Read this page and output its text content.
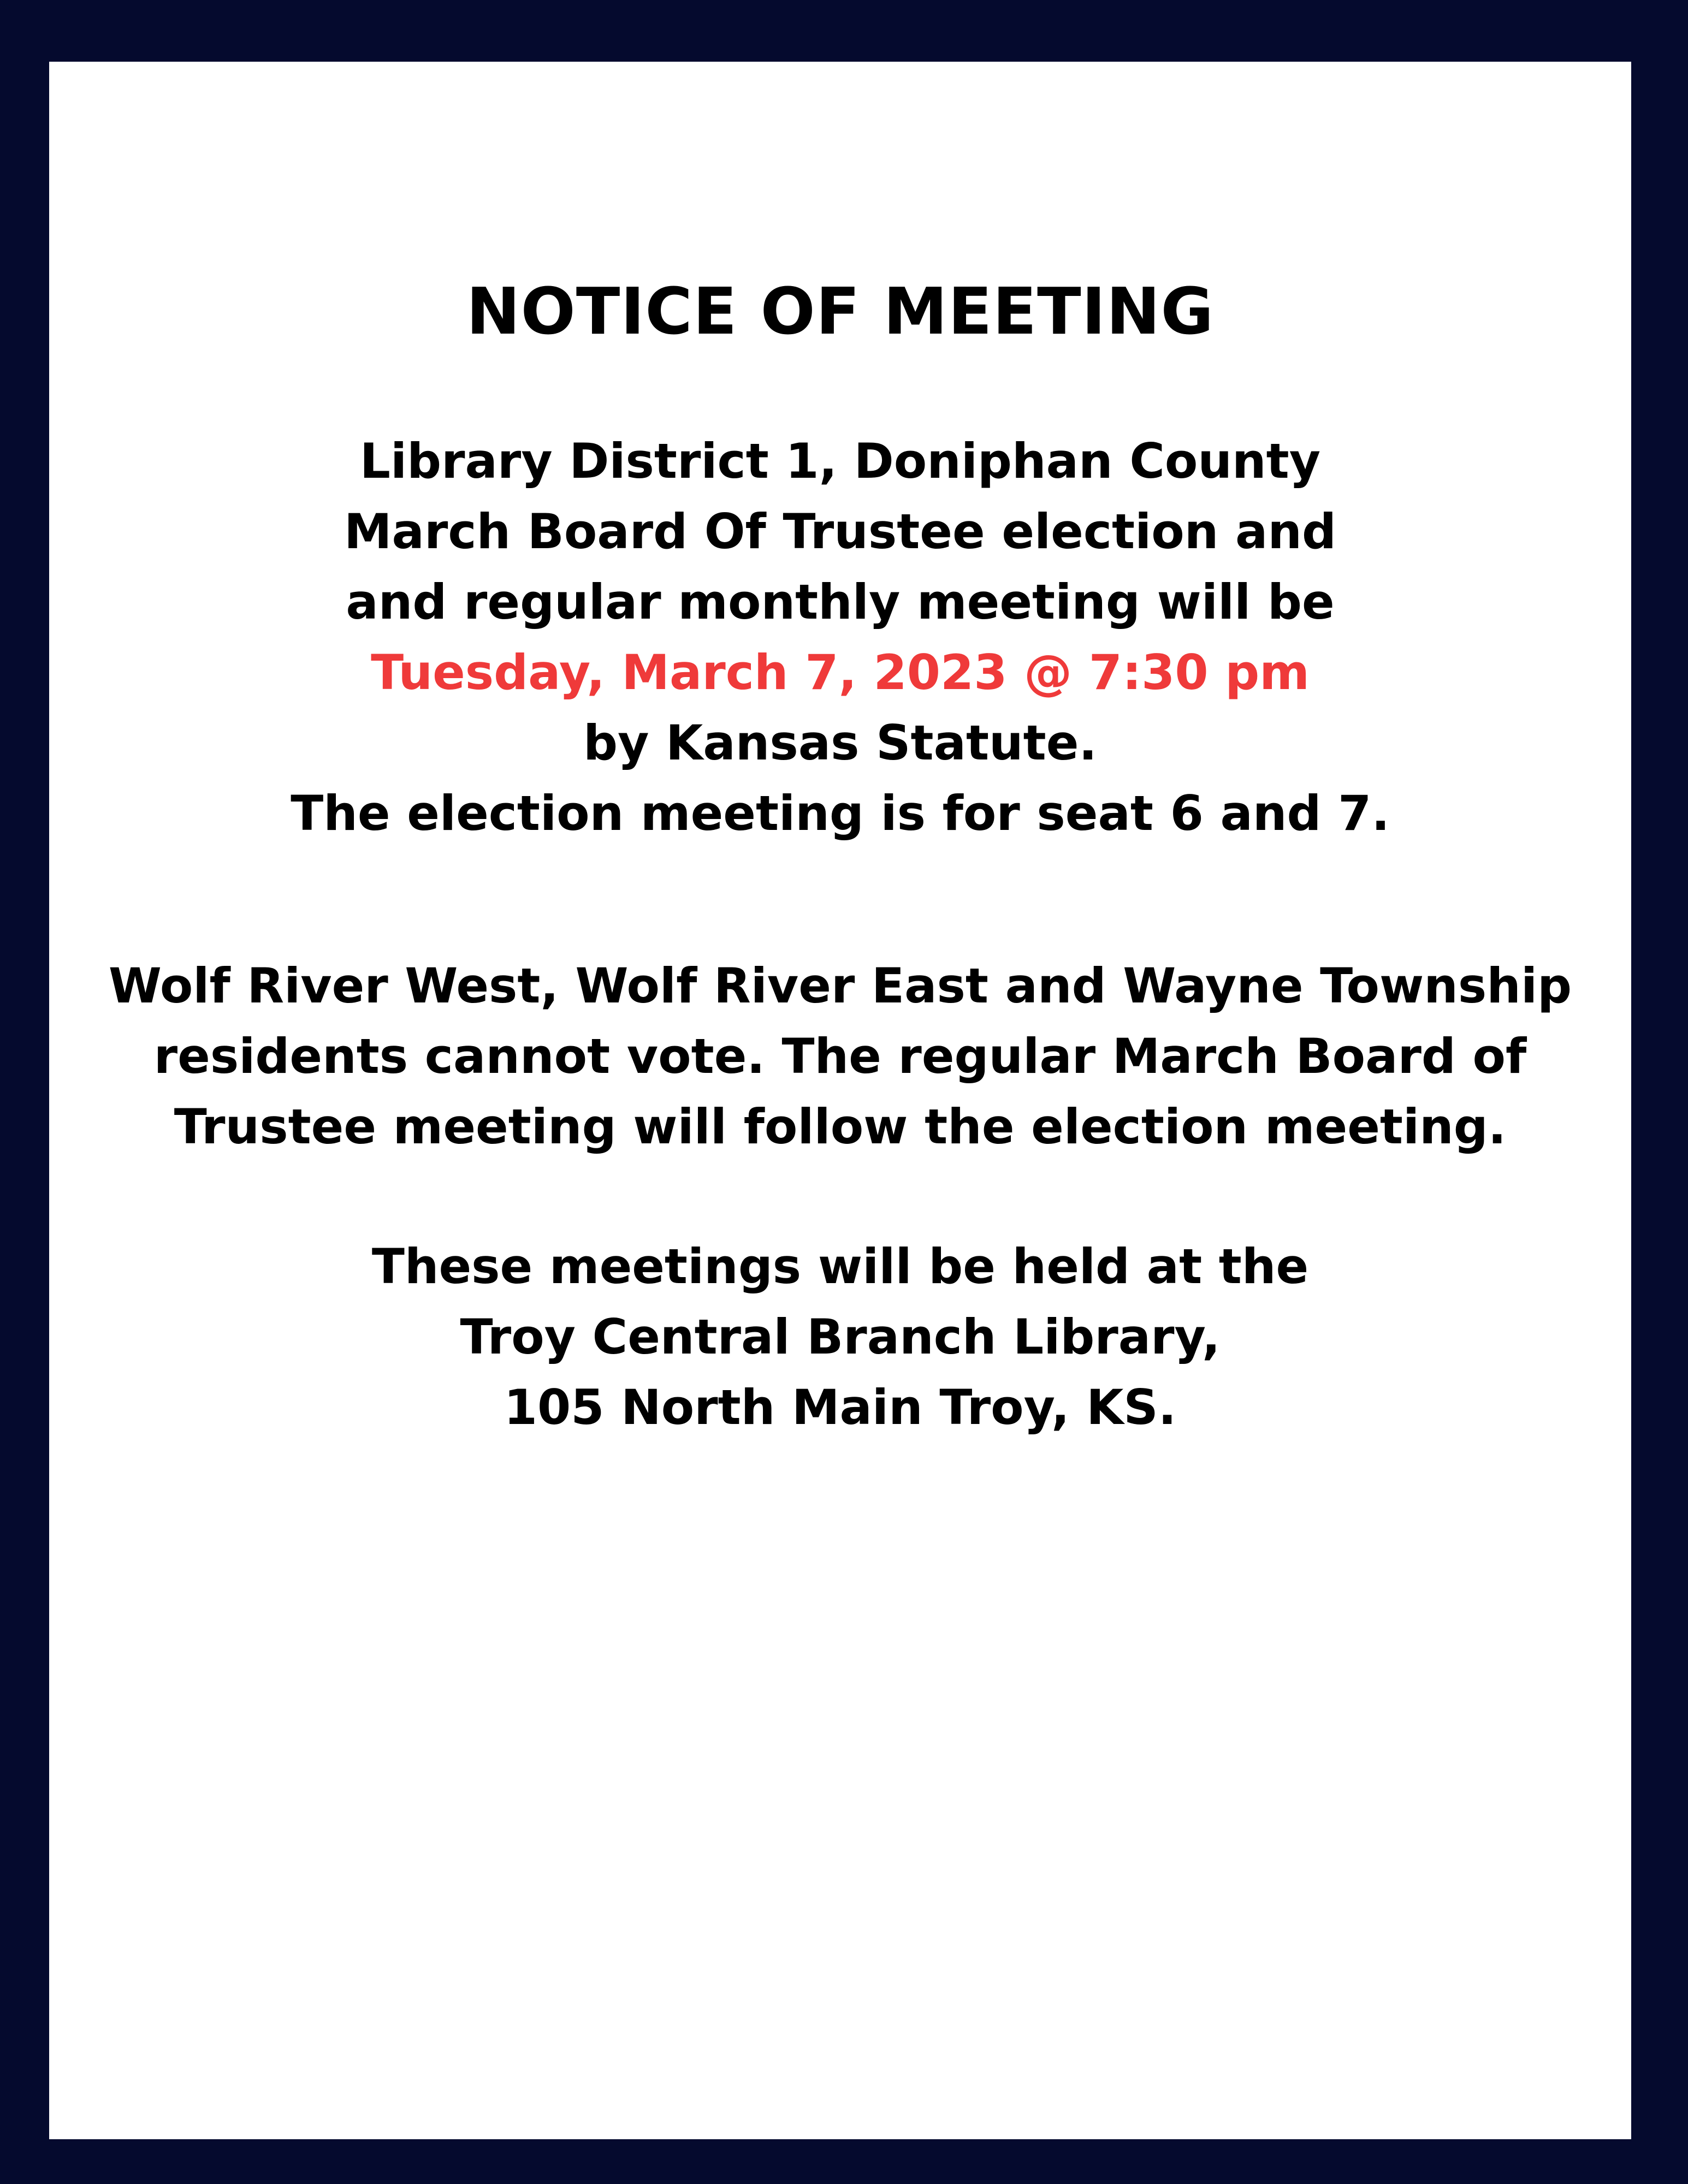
NOTICE OF MEETING

Library District 1, Doniphan County
March Board Of Trustee election and
and regular monthly meeting will be
Tuesday, March 7, 2023 @ 7:30 pm
by Kansas Statute.
The election meeting is for seat 6 and 7.

Wolf River West, Wolf River East and Wayne Township
residents cannot vote. The regular March Board of
Trustee meeting will follow the election meeting.

These meetings will be held at the
Troy Central Branch Library,
105 North Main Troy, KS.
